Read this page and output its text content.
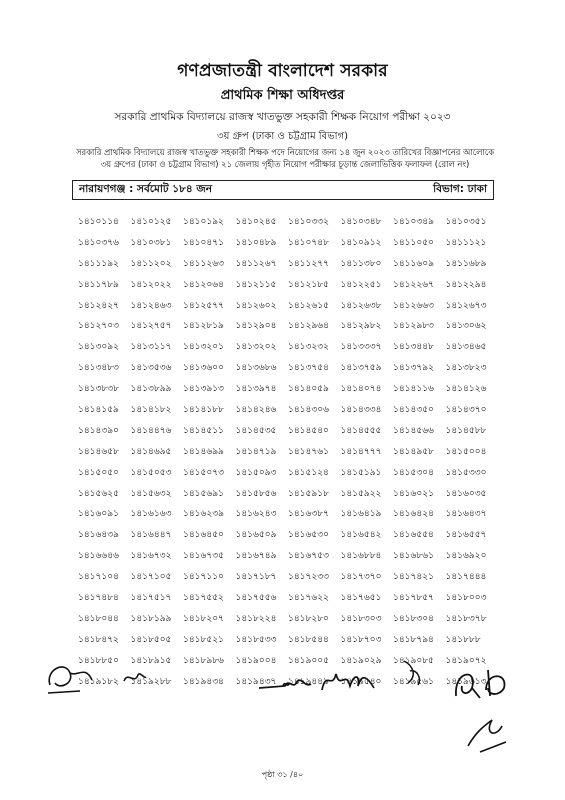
গণপ্রজাতন্ত্রী বাংলাদেশ সরকার
প্রাথমিক শিক্ষা অধিদপ্তর
সরকারি প্রাথমিক বিদ্যালয়ে রাজস্ব খাতভুক্ত সহকারী শিক্ষক নিয়োগ পরীক্ষা ২০২৩
৩য় গ্রুপ (ঢাকা ও চট্টগ্রাম বিভাগ)
সরকারি প্রাথমিক বিদ্যালয়ে রাজস্ব খাতভুক্ত সহকারী শিক্ষক পদে নিয়োগের জন্য ১৪ জুন ২০২৩ তারিখের বিজ্ঞাপনের আলোকে ৩য় গ্রুপের (ঢাকা ও চট্টগ্রাম বিভাগ) ২১ জেলায় গৃহীত নিয়োগ পরীক্ষার চূড়ান্ত জেলাভিত্তিক ফলাফল (রোল নং)
নারায়ণগঞ্জ : সর্বমোট ১৮৪ জন	বিভাগ: ঢাকা
১৪১০১১৪	১৪১০১২৫	১৪১০১৯২	১৪১০২৪৫	১৪১০৩৩২	১৪১০৩৪৮	১৪১০৩৪৯	১৪১০৩৫১
১৪১০৩৭৬	১৪১০৩৮১	১৪১০৪৭১	১৪১০৪৮৯	১৪১০৭৪৮	১৪১০৯১২	১৪১১০৫০	১৪১১১২১
১৪১১১৯২	১৪১১২০২	১৪১১২৬৩	১৪১১২৬৭	১৪১১২৭৭	১৪১১৩৮০	১৪১১৬০৯	১৪১১৬৮৯
১৪১১৭৮৯	১৪১২০২২	১৪১২০৬৪	১৪১২১১৫	১৪১২১৮৫	১৪১২২৫১	১৪১২২৬৭	১৪১২২৯৪
১৪১২৪২৭	১৪১২৪৬৩	১৪১২৫৭৭	১৪১২৬০২	১৪১২৬১৫	১৪১২৬৩৮	১৪১২৬৬৩	১৪১২৬৭৩
১৪১২৭০৩	১৪১২৭৫৭	১৪১২৮১৯	১৪১২৯০৪	১৪১২৯৬৪	১৪১২৯৮২	১৪১২৯৮৩	১৪১৩০৬২
১৪১৩০৯২	১৪১৩১১৭	১৪১৩২০১	১৪১৩২০২	১৪১৩২৩২	১৪১৩৩৩৭	১৪১৩৪৪৮	১৪১৩৪৬৫
১৪১৩৪৮৩	১৪১৩৫৩৬	১৪১৩৬০০	১৪১৩৬৮৬	১৪১৩৭৫৪	১৪১৩৭৫৯	১৪১৩৭৯২	১৪১৩৮২৩
১৪১৩৮৩৮	১৪১৩৮৯৯	১৪১৩৯১৩	১৪১৩৯৭৪	১৪১৪০৫৯	১৪১৪০৭৪	১৪১৪১১৬	১৪১৪১২৬
১৪১৪১৫৯	১৪১৪১৮২	১৪১৪১৮৮	১৪১৪২৪৬	১৪১৪৩০৬	১৪১৪৩৩৪	১৪১৪৩৫০	১৪১৪৩৭০
১৪১৪৩৯০	১৪১৪৪৭৬	১৪১৪৫১১	১৪১৪৫৩৫	১৪১৪৫৪০	১৪১৪৫৫৫	১৪১৪৫৬৬	১৪১৪৫৮৮
১৪১৪৬৫৮	১৪১৪৬৯৫	১৪১৪৬৯৯	১৪১৪৭১৯	১৪১৪৭৬১	১৪১৪৭৭৭	১৪১৪৯৫৮	১৪১৫০০৪
১৪১৫০৫০	১৪১৫০৫৩	১৪১৫০৭৩	১৪১৫০৯৩	১৪১৫১২৪	১৪১৫১৯১	১৪১৫৩০৪	১৪১৫৩৩০
১৪১৫৬২৫	১৪১৫৬৩২	১৪১৫৬৯১	১৪১৫৮৫৬	১৪১৫৯১৮	১৪১৫৯২২	১৪১৬০২১	১৪১৬০৩৫
১৪১৬০৯১	১৪১৬১৬৩	১৪১৬২৩৯	১৪১৬২৪৩	১৪১৬৩৮৭	১৪১৬৪১৯	১৪১৬৪২৪	১৪১৬৪৩৭
১৪১৬৪৩৯	১৪১৬৪৪৭	১৪১৬৪৫০	১৪১৬৫০৯	১৪১৬৫৩০	১৪১৬৫৪২	১৪১৬৫৫৪	১৪১৬৫৫৭
১৪১৬৬৪৬	১৪১৬৭৩২	১৪১৬৭৩৫	১৪১৬৭৪৯	১৪১৬৭৫৩	১৪১৬৮৮৪	১৪১৬৮৬১	১৪১৬৯২০
১৪১৭১০৪	১৪১৭১০৫	১৪১৭১১০	১৪১৭১৮৭	১৪১৭২৩৩	১৪১৭৩৭০	১৪১৭৪২১	১৪১৭৪৪৪
১৪১৭৪৮৪	১৪১৭৫১৭	১৪১৭৫৫২	১৪১৭৫৫৬	১৪১৭৬২২	১৪১৭৬৫১	১৪১৭৮৫৭	১৪১৮০০৩
১৪১৮০৪৪	১৪১৮১৯৯	১৪১৮২০৭	১৪১৮২২৪	১৪১৮২৮০	১৪১৮৩০৩	১৪১৮৩০৪	১৪১৮৩৭৮
১৪১৮৪৭২	১৪১৮৫০৫	১৪১৮৫২১	১৪১৮৫৩৩	১৪১৮৫৪৪	১৪১৮৭০৩	১৪১৮৭৯৪	১৪১৮৮৮
১৪১৮৮৫০	১৪১৮৯১৫	১৪১৮৯৮৬	১৪১৯০০৪	১৪১৯০০৫	১৪১৯০২৯	১৪১৯০৮৫	১৪১৯০৭২
১৪১৯১৮২	১৪১৯২৮৮	১৪১৯৪৩৪	১৪১৯৪৩৭	১৪১৯৪৪৯	১৪১৯৫৪০	১৪১৯৫৬১	১৪১৯৬১৩
পৃষ্ঠা ৩১ /৪০
